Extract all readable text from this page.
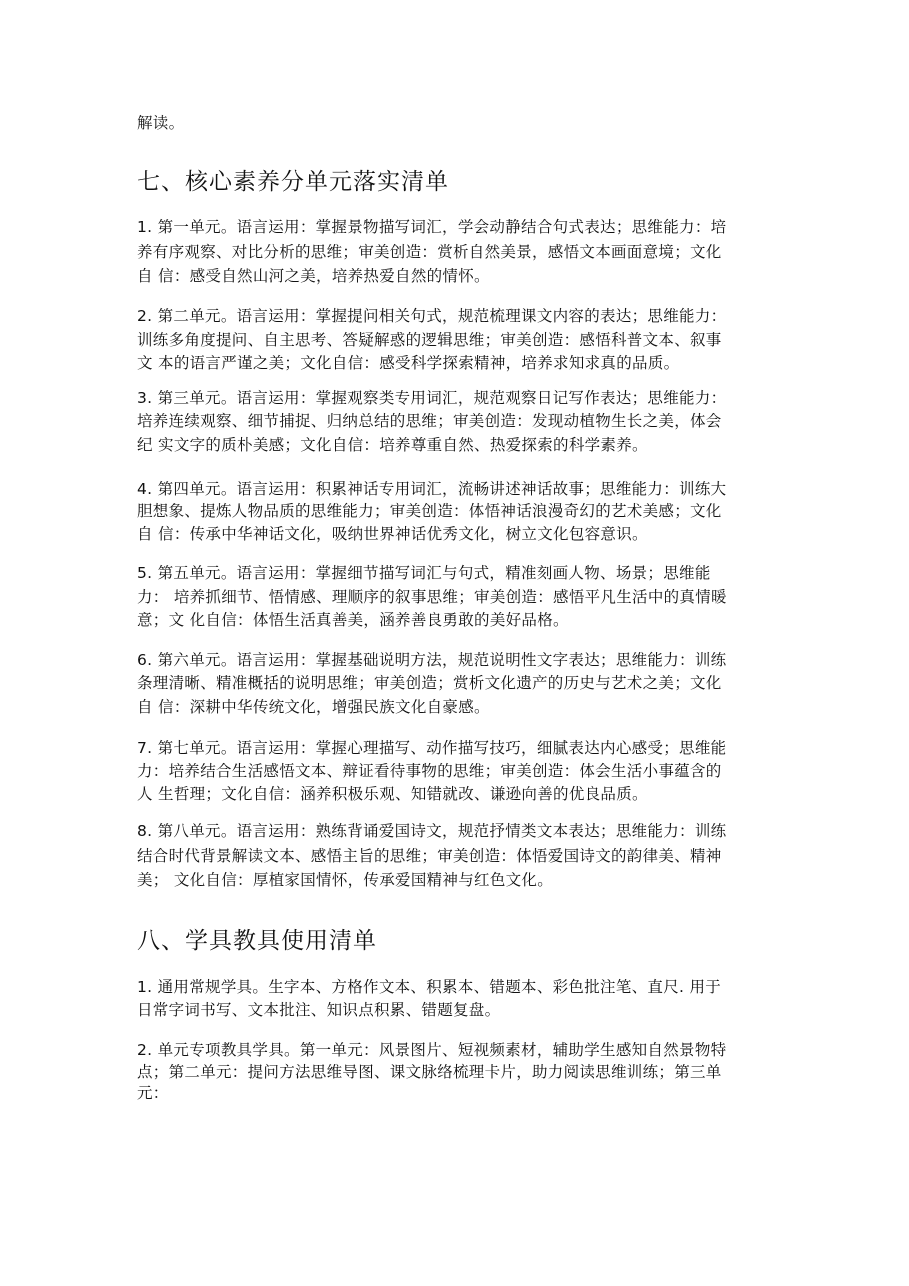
解读。
七、核心素养分单元落实清单
1. 第一单元。语言运用：掌握景物描写词汇，学会动静结合句式表达；思维能力：培
养有序观察、对比分析的思维；审美创造：赏析自然美景，感悟文本画面意境；文化
自 信：感受自然山河之美，培养热爱自然的情怀。
2. 第二单元。语言运用：掌握提问相关句式，规范梳理课文内容的表达；思维能力：
训练多角度提问、自主思考、答疑解惑的逻辑思维；审美创造：感悟科普文本、叙事
文 本的语言严谨之美；文化自信：感受科学探索精神，培养求知求真的品质。
3. 第三单元。语言运用：掌握观察类专用词汇，规范观察日记写作表达；思维能力：
培养连续观察、细节捕捉、归纳总结的思维；审美创造：发现动植物生长之美，体会
纪 实文字的质朴美感；文化自信：培养尊重自然、热爱探索的科学素养。
4. 第四单元。语言运用：积累神话专用词汇，流畅讲述神话故事；思维能力：训练大
胆想象、提炼人物品质的思维能力；审美创造：体悟神话浪漫奇幻的艺术美感；文化
自 信：传承中华神话文化，吸纳世界神话优秀文化，树立文化包容意识。
5. 第五单元。语言运用：掌握细节描写词汇与句式，精准刻画人物、场景；思维能
力： 培养抓细节、悟情感、理顺序的叙事思维；审美创造：感悟平凡生活中的真情暖
意；文 化自信：体悟生活真善美，涵养善良勇敢的美好品格。
6. 第六单元。语言运用：掌握基础说明方法，规范说明性文字表达；思维能力：训练
条理清晰、精准概括的说明思维；审美创造；赏析文化遗产的历史与艺术之美；文化
自 信：深耕中华传统文化，增强民族文化自豪感。
7. 第七单元。语言运用：掌握心理描写、动作描写技巧，细腻表达内心感受；思维能
力：培养结合生活感悟文本、辩证看待事物的思维；审美创造：体会生活小事蕴含的
人 生哲理；文化自信：涵养积极乐观、知错就改、谦逊向善的优良品质。
8. 第八单元。语言运用：熟练背诵爱国诗文，规范抒情类文本表达；思维能力：训练
结合时代背景解读文本、感悟主旨的思维；审美创造：体悟爱国诗文的韵律美、精神
美； 文化自信：厚植家国情怀，传承爱国精神与红色文化。
八、学具教具使用清单
1. 通用常规学具。生字本、方格作文本、积累本、错题本、彩色批注笔、直尺. 用于
日常字词书写、文本批注、知识点积累、错题复盘。
2. 单元专项教具学具。第一单元：风景图片、短视频素材，辅助学生感知自然景物特
点；第二单元：提问方法思维导图、课文脉络梳理卡片，助力阅读思维训练；第三单
元：
